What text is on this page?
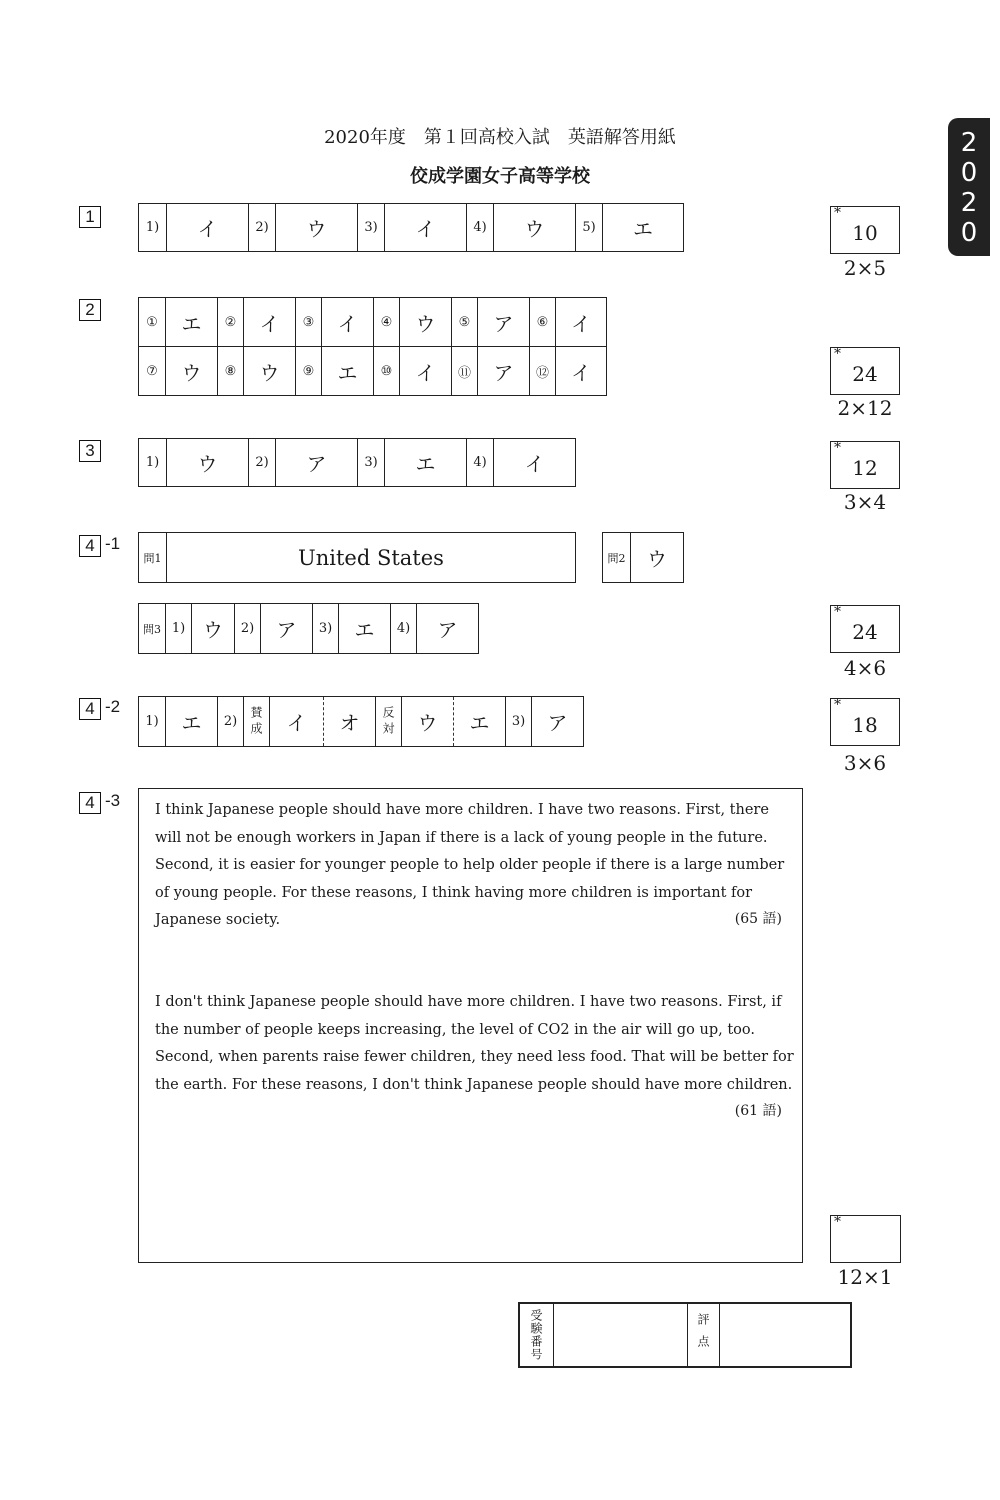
2020年度　第１回高校入試　英語解答用紙
佼成学園女子高等学校
2
0
2
0
1
1)	イ	2)	ウ	3)	イ	4)	ウ	5)	エ
*
10
2×5
2
①	エ	②	イ	③	イ	④	ウ	⑤	ア	⑥	イ
⑦	ウ	⑧	ウ	⑨	エ	⑩	イ	⑪	ア	⑫	イ
*
24
2×12
3
1)	ウ	2)	ア	3)	エ	4)	イ
*
12
3×4
4 -1
問1	United States	問2	ウ
問3 1) ウ	2)	ア	3)	エ	4)	ア
*
24
4×6
4 -2
1)	エ	2) 賛成	イ	オ	反対	ウ	エ	3)	ア
*
18
3×6
4 -3 I think Japanese people should have more children. I have two reasons. First, there will not be enough workers in Japan if there is a lack of young people in the future. Second, it is easier for younger people to help older people if there is a large number of young people. For these reasons, I think having more children is important for Japanese society.	(65 語)
I don't think Japanese people should have more children. I have two reasons. First, if the number of people keeps increasing, the level of CO2 in the air will go up, too. Second, when parents raise fewer children, they need less food. That will be better for the earth. For these reasons, I don't think Japanese people should have more children.
(61 語)
*
12×1
受験番号	評点
